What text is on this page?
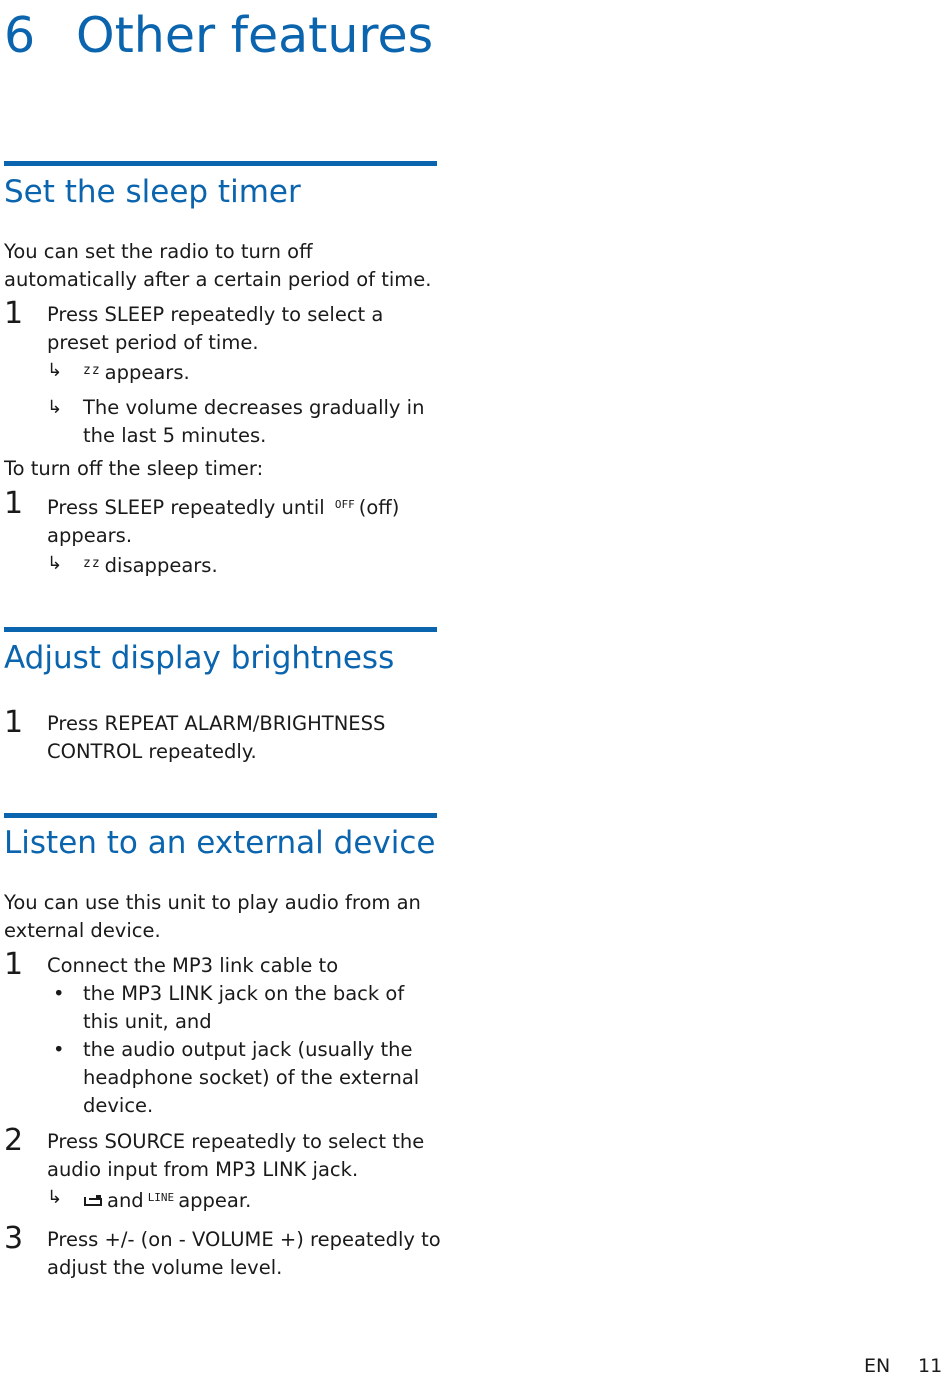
6 Other features
Set the sleep timer

You can set the radio to turn off automatically after a certain period of time.

1 Press SLEEP repeatedly to select a preset period of time.
↳ $^{zz}$ appears.
↳ The volume decreases gradually in the last 5 minutes.

To turn off the sleep timer:

1 Press SLEEP repeatedly until $^{OFF}$ (off) appears.
↳ $^{zz}$ disappears.
Adjust display brightness
1 Press REPEAT ALARM/BRIGHTNESS CONTROL repeatedly.
Listen to an external device

You can use this unit to play audio from an external device.

1 Connect the MP3 link cable to
• the MP3 LINK jack on the back of this unit, and
• the audio output jack (usually the headphone socket) of the external device.
2 Press SOURCE repeatedly to select the audio input from MP3 LINK jack.
↳ and $^{LINE}$ appear.
3 Press +/- (on - VOLUME +) repeatedly to adjust the volume level.
EN 11
